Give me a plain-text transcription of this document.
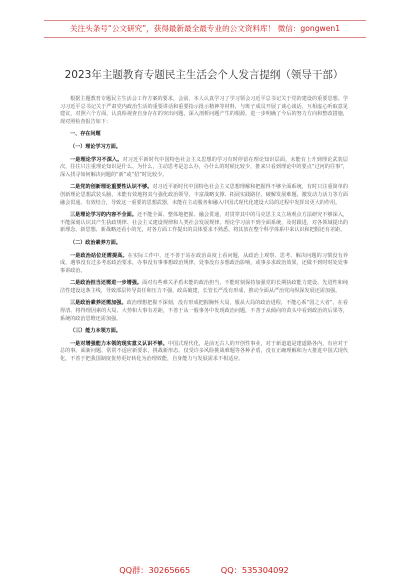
关注头条号“公文研究”，获得最新最全最专业的公文资料库！ 微信：gongwen1
2023年主题教育专题民主生活会个人发言提纲（领导干部）

根据主题教育专题民主生活会工作方案的要求，会前，本人认真学习了学习领会习近平总书记关于党的建设的重要思想、学习习近平总书记关于严肃党内政治生活的重要讲话和重要指示批示精神等材料，与班子成员开展了谈心谈话，互相虚心听取意见建议，对照六个方面，认真检视查自身存在的突出问题，深入剖析问题产生的根源，进一步明确了今后的努力方向和整改措施，现对照检查报告如下：

一、存在问题

（一）理论学习方面。

一是理论学习不深入。对习近平新时代中国特色社会主义思想的学习有时停留在理论知识层面，未能有上升到理论武装层次，往往只注重理论知识是什么、为什么，主动思考是怎么办，办什么的时候比较少，推来只看到理论中的要点“过河的往事”，深入找寻如何解决问题的“新”或“招”时比较少。

二是党的创新理论重要性认识不够。对习近平新时代中国特色社会主义思想理解和把握得不够全面系统，有时只注重简单的创新理论思想武装头脑，未能有效地将其与强化政治领导、丰富战略支撑、拓展实践路径、破解发展难题、激发动力活力等方面融会贯通、有效结合，导致这一重要的思想武器，未能在主动服务和融入中国式现代化建设大局的过程中发挥出更大的作用。

三是理论学习的内容不全面。还不能全面、整体地把握、融会贯通，对贯穿其中的马克思主义立场观点方法研究不够深入，不能深刻认识其产生执政规律、社会主义建设规律和人类社会发展规律。理论学习前不到全面系统，及时跟进，对各领域提出的新理念、新思想、新战略还看小的光，对各方面工作提出的具体要求不熟悉，将其放在整个科学体系中来认识和把握还有差距。

（二）政治素养方面。

一是政治站位还需提高。在实际工作中，还不善于站在政治高度上看问题，从政治上观察、思考、解决问题的习惯没有养成，遇事没有过多考虑政治要求，办事没有事事想政治规律，处事没有多想政治影响，或事多求政治效果，还做不到时时处处事事讲政治。

二是政治担当还需进一步增强。面对有些难关矛盾未能的政治担当，不能时刻保持加强党的长期执政能力建设、先进性和纯洁性建设这条主线，导致部层传导责任和压力不强，政高破建，长管长严没有形成，推动全面从严治党向纵深发展还需加强。

三是政治素养还需加强。政治理想把握不深刻，没有形成把握胸怀大局，服从大局的政治进程，不能心系“国之大者”，在看得清、将得理因素的大局、大势和大事有差距，不善于从一般事务中发现政治问题，不善于从倾向的苗头中看到政治的后果等，系统的政治思维还需加强。

（三）能力本领方面。

一是对增强能力本领的现实意义认识不够。中国式现代化，是前无古人的开创性事业，对于新道道是建道路各内，有应对于总的事。面新问题、常常不适应新要求，挑战新形态。仅受许多风险挑战难题等各种矛盾，没有正确理解和为大推进中国式现代化，不善于把我国制度优势更好转化为治理效能，自身能力与发展需求不相适应。

QQ群：30265665	QQ：535304092
